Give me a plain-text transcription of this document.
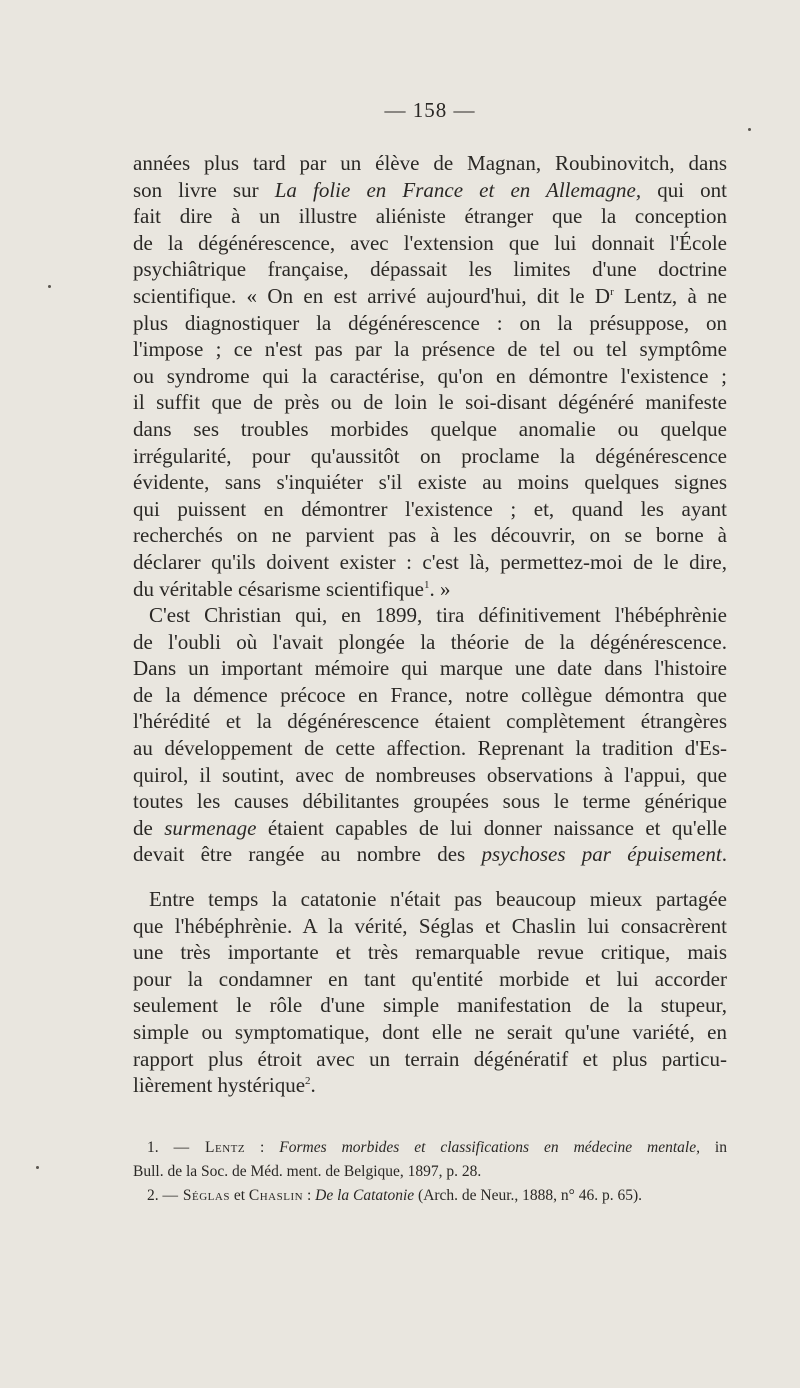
— 158 —
années plus tard par un élève de Magnan, Roubinovitch, dans
son livre sur La folie en France et en Allemagne, qui ont
fait dire à un illustre aliéniste étranger que la conception
de la dégénérescence, avec l'extension que lui donnait l'École
psychiâtrique française, dépassait les limites d'une doctrine
scientifique. « On en est arrivé aujourd'hui, dit le $D^r$ Lentz, à ne
plus diagnostiquer la dégénérescence : on la présuppose, on
l'impose ; ce n'est pas par la présence de tel ou tel symptôme
ou syndrome qui la caractérise, qu'on en démontre l'existence ;
il suffit que de près ou de loin le soi-disant dégénéré manifeste
dans ses troubles morbides quelque anomalie ou quelque
irrégularité, pour qu'aussitôt on proclame la dégénérescence
évidente, sans s'inquiéter s'il existe au moins quelques signes
qui puissent en démontrer l'existence ; et, quand les ayant
recherchés on ne parvient pas à les découvrir, on se borne à
déclarer qu'ils doivent exister : c'est là, permettez-moi de le dire,
du véritable césarisme scientifique$^1$. »
C'est Christian qui, en 1899, tira définitivement l'hébéphrènie
de l'oubli où l'avait plongée la théorie de la dégénérescence.
Dans un important mémoire qui marque une date dans l'histoire
de la démence précoce en France, notre collègue démontra que
l'hérédité et la dégénérescence étaient complètement étrangères
au développement de cette affection. Reprenant la tradition d'Es-
quirol, il soutint, avec de nombreuses observations à l'appui, que
toutes les causes débilitantes groupées sous le terme générique
de surmenage étaient capables de lui donner naissance et qu'elle
devait être rangée au nombre des psychoses par épuisement.
Entre temps la catatonie n'était pas beaucoup mieux partagée
que l'hébéphrènie. A la vérité, Séglas et Chaslin lui consacrèrent
une très importante et très remarquable revue critique, mais
pour la condamner en tant qu'entité morbide et lui accorder
seulement le rôle d'une simple manifestation de la stupeur,
simple ou symptomatique, dont elle ne serait qu'une variété, en
rapport plus étroit avec un terrain dégénératif et plus particu-
lièrement hystérique$^2$.
1. — Lentz : Formes morbides et classifications en médecine mentale, in
Bull. de la Soc. de Méd. ment. de Belgique, 1897, p. 28.
2. — Séglas et Chaslin : De la Catatonie (Arch. de Neur., 1888, n° 46. p. 65).
